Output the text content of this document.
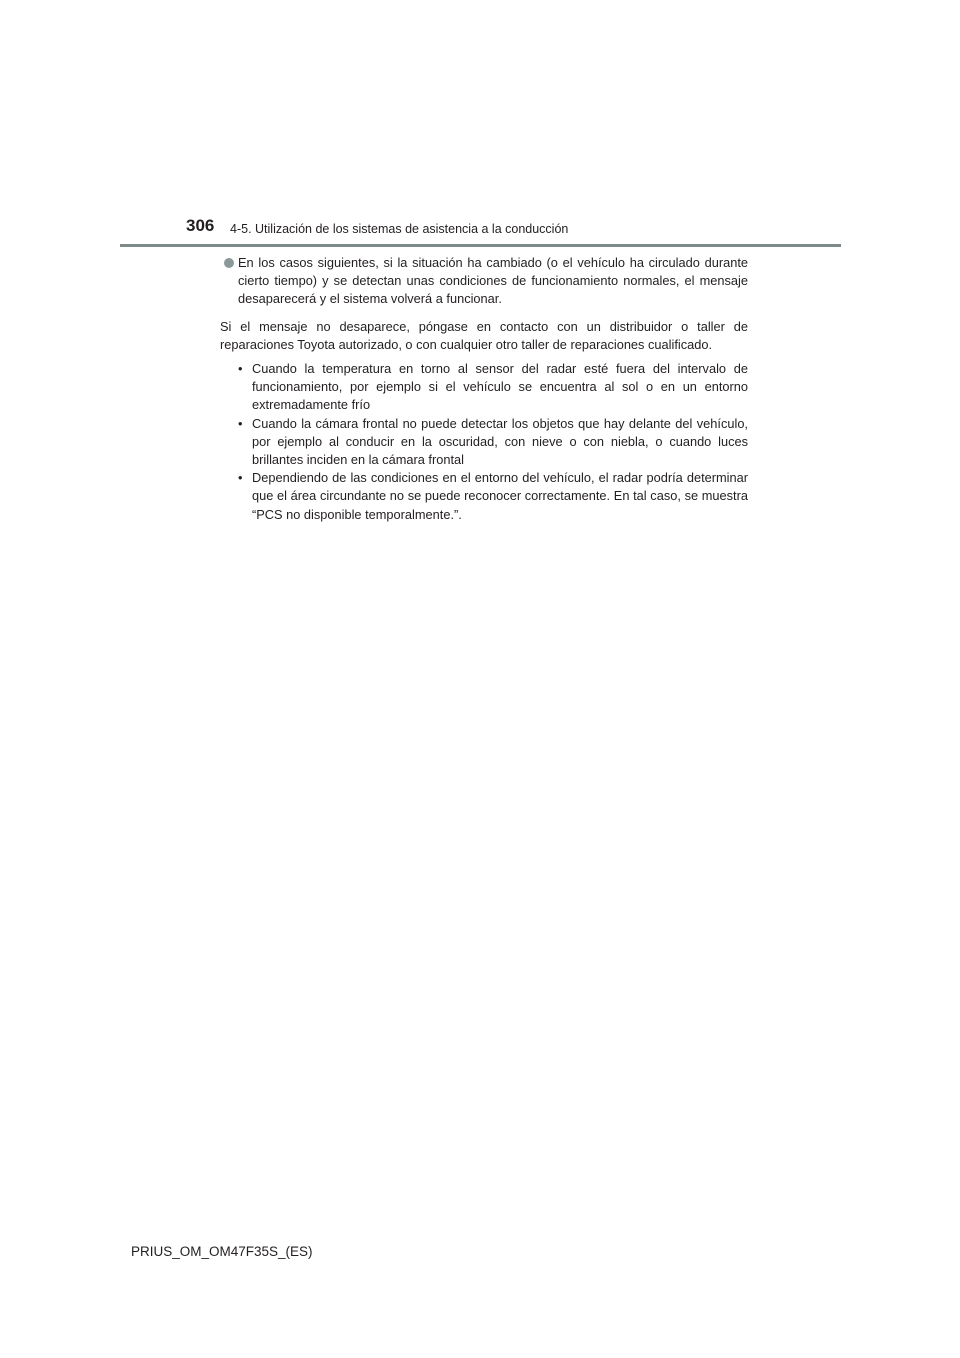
306 4-5. Utilización de los sistemas de asistencia a la conducción

En los casos siguientes, si la situación ha cambiado (o el vehículo ha circulado durante cierto tiempo) y se detectan unas condiciones de funcionamiento normales, el mensaje desaparecerá y el sistema volverá a funcionar.

Si el mensaje no desaparece, póngase en contacto con un distribuidor o taller de reparaciones Toyota autorizado, o con cualquier otro taller de reparaciones cualificado.

• Cuando la temperatura en torno al sensor del radar esté fuera del intervalo de funcionamiento, por ejemplo si el vehículo se encuentra al sol o en un entorno extremadamente frío
• Cuando la cámara frontal no puede detectar los objetos que hay delante del vehículo, por ejemplo al conducir en la oscuridad, con nieve o con niebla, o cuando luces brillantes inciden en la cámara frontal
• Dependiendo de las condiciones en el entorno del vehículo, el radar podría determinar que el área circundante no se puede reconocer correctamente. En tal caso, se muestra “PCS no disponible temporalmente.”.
PRIUS_OM_OM47F35S_(ES)
